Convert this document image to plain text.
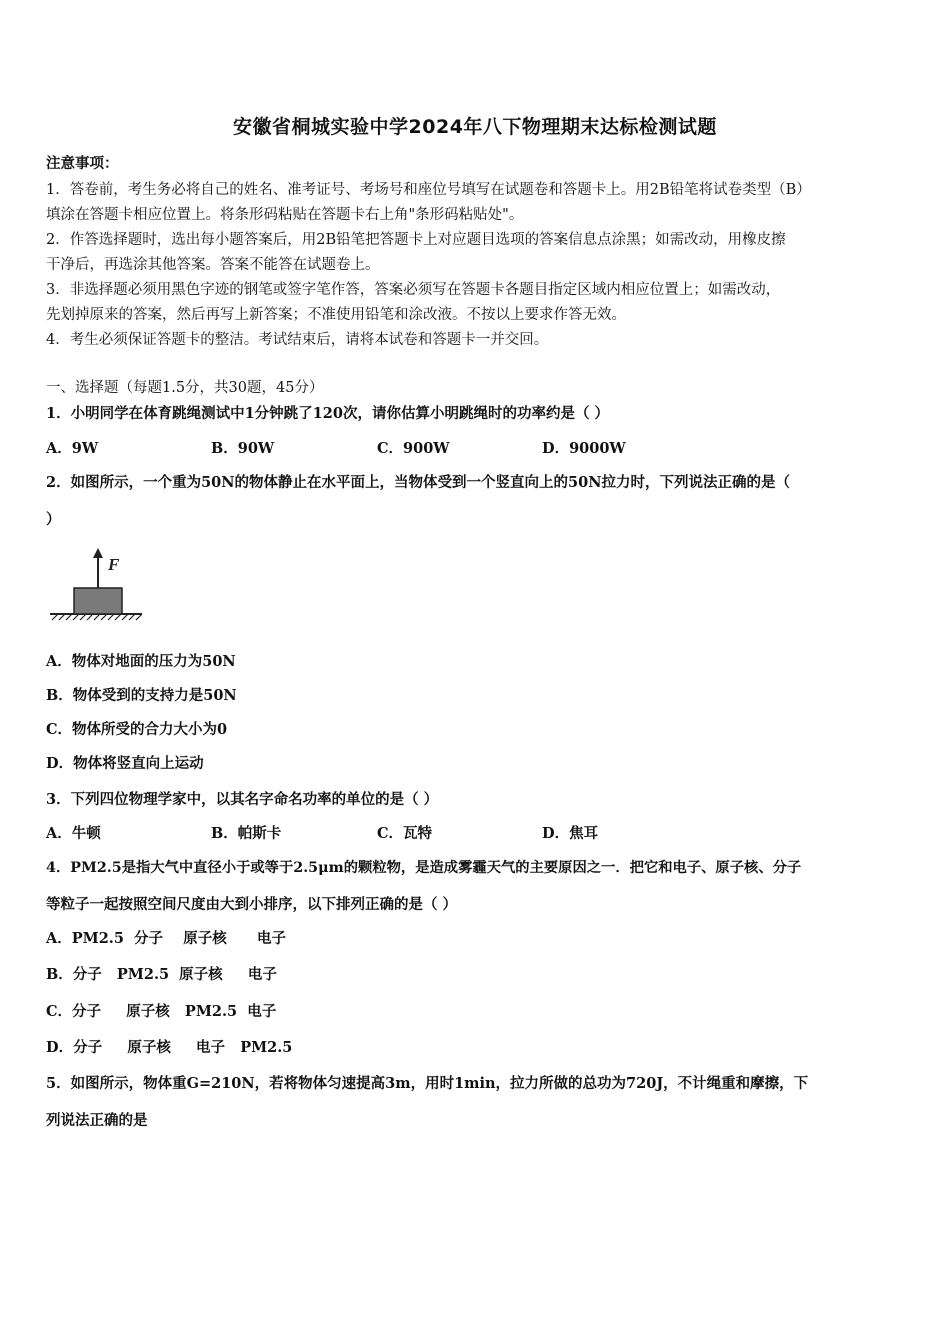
安徽省桐城实验中学2024年八下物理期末达标检测试题
注意事项：
1．答卷前，考生务必将自己的姓名、准考证号、考场号和座位号填写在试题卷和答题卡上。用2B铅笔将试卷类型（B）
填涂在答题卡相应位置上。将条形码粘贴在答题卡右上角"条形码粘贴处"。
2．作答选择题时，选出每小题答案后，用2B铅笔把答题卡上对应题目选项的答案信息点涂黑；如需改动，用橡皮擦
干净后，再选涂其他答案。答案不能答在试题卷上。
3．非选择题必须用黑色字迹的钢笔或签字笔作答，答案必须写在答题卡各题目指定区域内相应位置上；如需改动，
先划掉原来的答案，然后再写上新答案；不准使用铅笔和涂改液。不按以上要求作答无效。
4．考生必须保证答题卡的整洁。考试结束后，请将本试卷和答题卡一并交回。
一、选择题（每题1.5分，共30题，45分）
1．小明同学在体育跳绳测试中1分钟跳了120次，请你估算小明跳绳时的功率约是（ ）
A．9W	B．90W	C．900W	D．9000W
2．如图所示，一个重为50N的物体静止在水平面上，当物体受到一个竖直向上的50N拉力时，下列说法正确的是（
）
F
A．物体对地面的压力为50N
B．物体受到的支持力是50N
C．物体所受的合力大小为0
D．物体将竖直向上运动
3．下列四位物理学家中，以其名字命名功率的单位的是（ ）
A．牛顿	B．帕斯卡	C．瓦特	D．焦耳
4．PM2.5是指大气中直径小于或等于2.5μm的颗粒物，是造成雾霾天气的主要原因之一．把它和电子、原子核、分子
等粒子一起按照空间尺度由大到小排序，以下排列正确的是（ ）
A．PM2.5  分子    原子核      电子
B．分子   PM2.5  原子核     电子
C．分子     原子核   PM2.5  电子
D．分子     原子核     电子   PM2.5
5．如图所示，物体重G=210N，若将物体匀速提高3m，用时1min，拉力所做的总功为720J，不计绳重和摩擦，下
列说法正确的是
